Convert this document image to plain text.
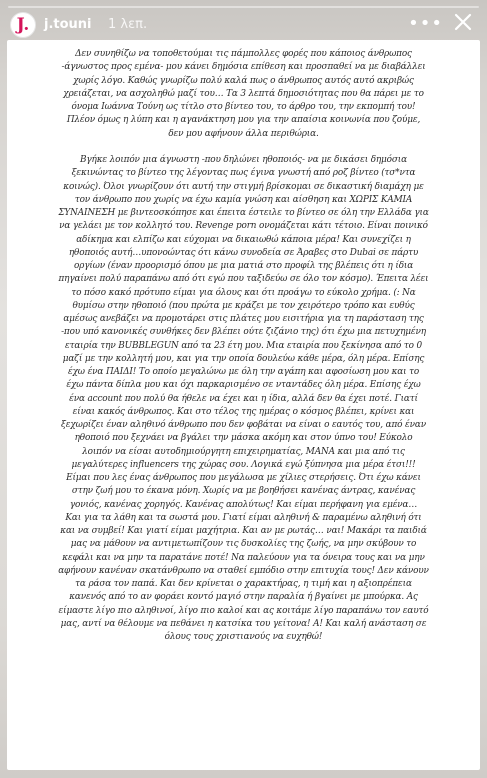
J. j.touni 1 λεπ.	•••

Δεν συνηθίζω να τοποθετούμαι τις πάμπολλες φορές που κάποιος άνθρωπος
-άγνωστος προς εμένα- μου κάνει δημόσια επίθεση και προσπαθεί να με διαβάλλει
χωρίς λόγο. Καθώς γνωρίζω πολύ καλά πως ο άνθρωπος αυτός αυτό ακριβώς
χρειάζεται, να ασχοληθώ μαζί του… Τα 3 λεπτά δημοσιότητας που θα πάρει με το
όνομα Ιωάννα Τούνη ως τίτλο στο βίντεο του, το άρθρο του, την εκπομπή του!
Πλέον όμως η λύπη και η αγανάκτηση μου για την απαίσια κοινωνία που ζούμε,
δεν μου αφήνουν άλλα περιθώρια.

Βγήκε λοιπόν μια άγνωστη -που δηλώνει ηθοποιός- να με δικάσει δημόσια
ξεκινώντας το βίντεο της λέγοντας πως έγινα γνωστή από ροζ βίντεο (τσ*ντα
κοινώς). Όλοι γνωρίζουν ότι αυτή την στιγμή βρίσκομαι σε δικαστική διαμάχη με
τον άνθρωπο που χωρίς να έχω καμία γνώση και αίσθηση και ΧΩΡΙΣ ΚΑΜΙΑ
ΣΥΝΑΙΝΕΣΗ με βιντεοσκόπησε και έπειτα έστειλε το βίντεο σε όλη την Ελλάδα για
να γελάει με τον κολλητό του. Revenge porn ονομάζεται κάτι τέτοιο. Είναι ποινικό
αδίκημα και ελπίζω και εύχομαι να δικαιωθώ κάποια μέρα! Και συνεχίζει η
ηθοποιός αυτή…υπονοώντας ότι κάνω συνοδεία σε Άραβες στο Dubai σε πάρτυ
οργίων (έναν προορισμό όπου με μια ματιά στο προφίλ της βλέπεις ότι η ίδια
πηγαίνει πολύ παραπάνω από ότι εγώ που ταξιδεύω σε όλο τον κόσμο). Έπειτα λέει
το πόσο κακό πρότυπο είμαι για όλους και ότι προάγω το εύκολο χρήμα. (: Να
θυμίσω στην ηθοποιό (που πρώτα με κράζει με τον χειρότερο τρόπο και ευθύς
αμέσως ανεβάζει να προμοτάρει στις πλάτες μου εισιτήρια για τη παράσταση της
-που υπό κανονικές συνθήκες δεν βλέπει ούτε ζιζάνιο της) ότι έχω μια πετυχημένη
εταιρία την BUBBLEGUN από τα 23 έτη μου. Μια εταιρία που ξεκίνησα από το 0
μαζί με την κολλητή μου, και για την οποία δουλεύω κάθε μέρα, όλη μέρα. Επίσης
έχω ένα ΠΑΙΔΙ! Το οποίο μεγαλώνω με όλη την αγάπη και αφοσίωση μου και το
έχω πάντα δίπλα μου και όχι παρκαρισμένο σε νταντάδες όλη μέρα. Επίσης έχω
ένα account που πολύ θα ήθελε να έχει και η ίδια, αλλά δεν θα έχει ποτέ. Γιατί
είναι κακός άνθρωπος. Και στο τέλος της ημέρας ο κόσμος βλέπει, κρίνει και
ξεχωρίζει έναν αληθινό άνθρωπο που δεν φοβάται να είναι ο εαυτός του, από έναν
ηθοποιό που ξεχνάει να βγάλει την μάσκα ακόμη και στον ύπνο του! Εύκολο
λοιπόν να είσαι αυτοδημιούργητη επιχειρηματίας, ΜΑΝΑ και μια από τις
μεγαλύτερες influencers της χώρας σου. Λογικά εγώ ξύπνησα μια μέρα έτσι!!!
Είμαι που λες ένας άνθρωπος που μεγάλωσα με χίλιες στερήσεις. Ότι έχω κάνει
στην ζωή μου το έκανα μόνη. Χωρίς να με βοηθήσει κανένας άντρας, κανένας
γονιός, κανένας χορηγός. Κανένας απολύτως! Και είμαι περήφανη για εμένα…
Και για τα λάθη και τα σωστά μου. Γιατί είμαι αληθινή & παραμένω αληθινή ότι
και να συμβεί! Και γιατί είμαι μαχήτρια. Και αν με ρωτάς… ναι! Μακάρι τα παιδιά
μας να μάθουν να αντιμετωπίζουν τις δυσκολίες της ζωής, να μην σκύβουν το
κεφάλι και να μην τα παρατάνε ποτέ! Να παλεύουν για τα όνειρα τους και να μην
αφήνουν κανέναν σκατάνθρωπο να σταθεί εμπόδιο στην επιτυχία τους! Δεν κάνουν
τα ράσα τον παπά. Και δεν κρίνεται ο χαρακτήρας, η τιμή και η αξιοπρέπεια
κανενός από το αν φοράει κοντό μαγιό στην παραλία ή βγαίνει με μπούρκα. Ας
είμαστε λίγο πιο αληθινοί, λίγο πιο καλοί και ας κοιτάμε λίγο παραπάνω τον εαυτό
μας, αντί να θέλουμε να πεθάνει η κατσίκα του γείτονα! Α! Και καλή ανάσταση σε
όλους τους χριστιανούς να ευχηθώ!
